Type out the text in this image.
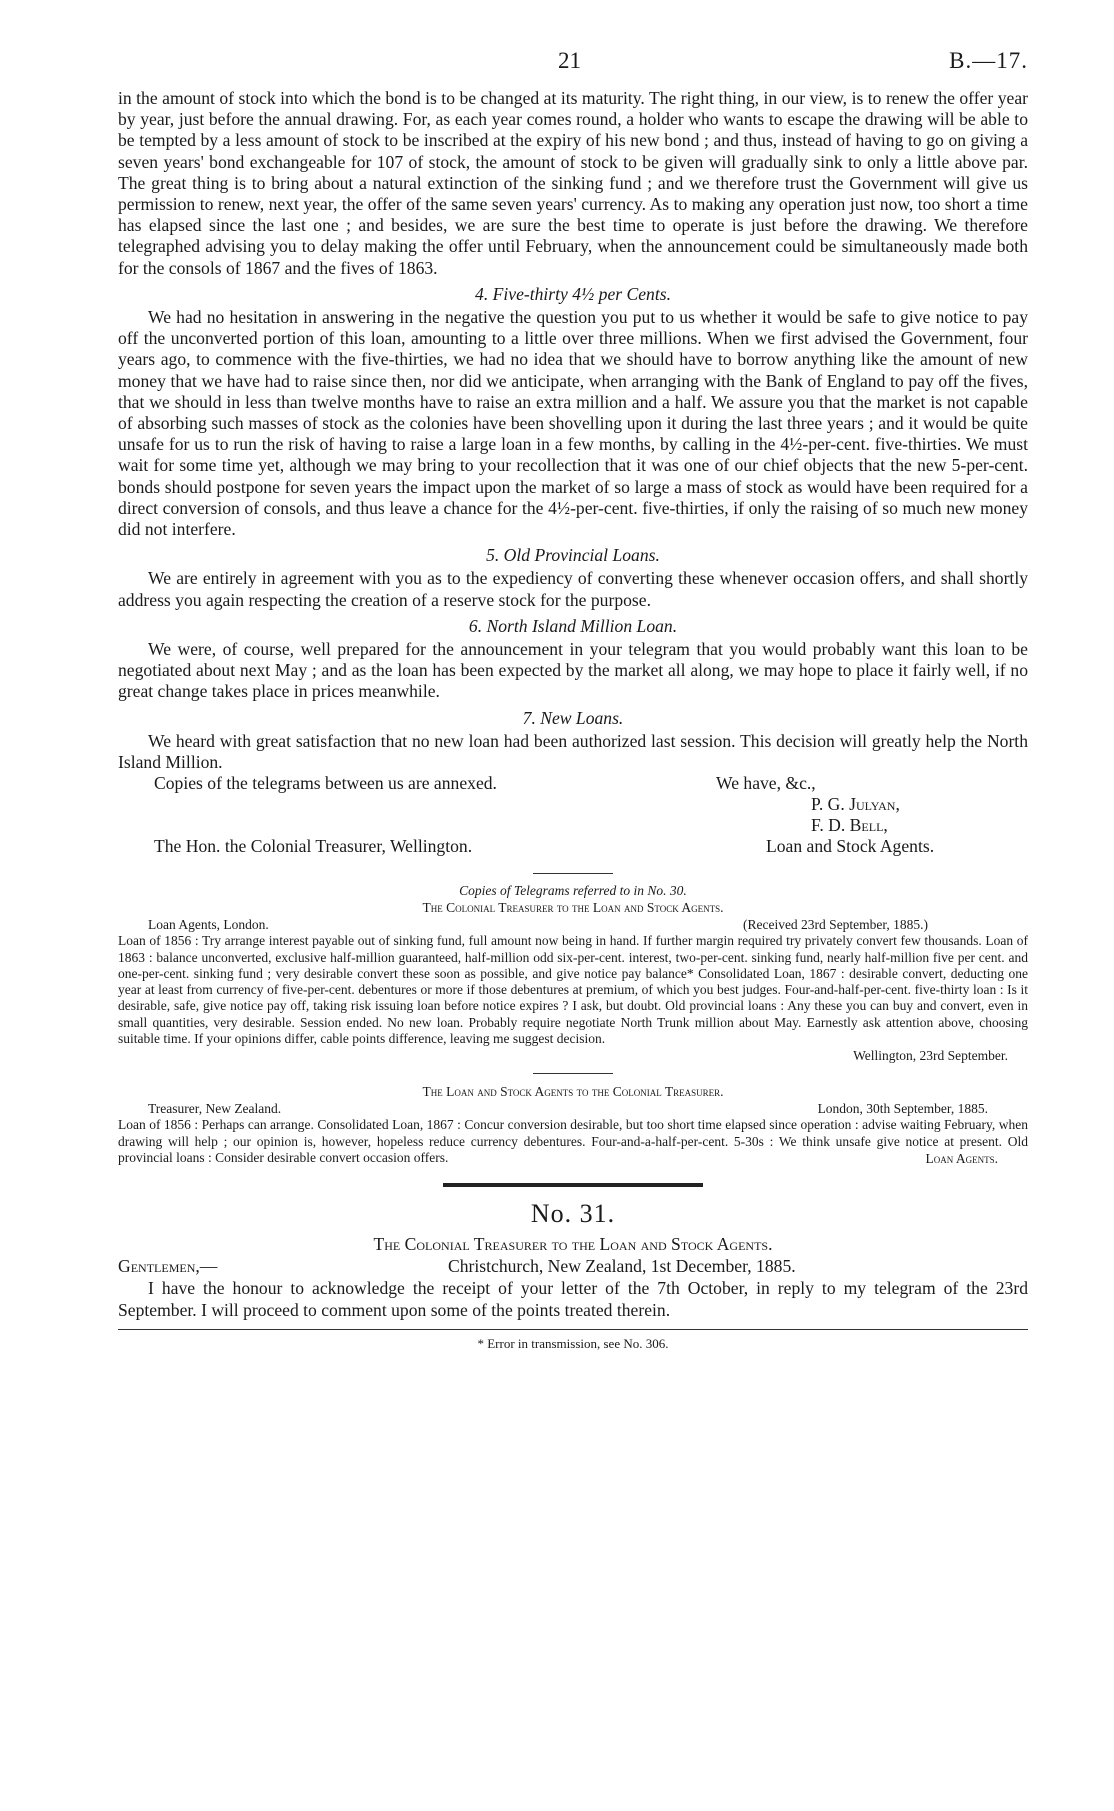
21	B.—17.

in the amount of stock into which the bond is to be changed at its maturity. The right thing, in our view, is to renew the offer year by year, just before the annual drawing. For, as each year comes round, a holder who wants to escape the drawing will be able to be tempted by a less amount of stock to be inscribed at the expiry of his new bond ; and thus, instead of having to go on giving a seven years' bond exchangeable for 107 of stock, the amount of stock to be given will gradually sink to only a little above par. The great thing is to bring about a natural extinction of the sinking fund ; and we therefore trust the Government will give us permission to renew, next year, the offer of the same seven years' currency. As to making any operation just now, too short a time has elapsed since the last one ; and besides, we are sure the best time to operate is just before the drawing. We therefore telegraphed advising you to delay making the offer until February, when the announcement could be simultaneously made both for the consols of 1867 and the fives of 1863.

4. Five-thirty 4½ per Cents.

We had no hesitation in answering in the negative the question you put to us whether it would be safe to give notice to pay off the unconverted portion of this loan, amounting to a little over three millions. When we first advised the Government, four years ago, to commence with the five-thirties, we had no idea that we should have to borrow anything like the amount of new money that we have had to raise since then, nor did we anticipate, when arranging with the Bank of England to pay off the fives, that we should in less than twelve months have to raise an extra million and a half. We assure you that the market is not capable of absorbing such masses of stock as the colonies have been shovelling upon it during the last three years ; and it would be quite unsafe for us to run the risk of having to raise a large loan in a few months, by calling in the 4½-per-cent. five-thirties. We must wait for some time yet, although we may bring to your recollection that it was one of our chief objects that the new 5-per-cent. bonds should postpone for seven years the impact upon the market of so large a mass of stock as would have been required for a direct conversion of consols, and thus leave a chance for the 4½-per-cent. five-thirties, if only the raising of so much new money did not interfere.

5. Old Provincial Loans.

We are entirely in agreement with you as to the expediency of converting these whenever occasion offers, and shall shortly address you again respecting the creation of a reserve stock for the purpose.

6. North Island Million Loan.

We were, of course, well prepared for the announcement in your telegram that you would probably want this loan to be negotiated about next May ; and as the loan has been expected by the market all along, we may hope to place it fairly well, if no great change takes place in prices meanwhile.

7. New Loans.

We heard with great satisfaction that no new loan had been authorized last session. This decision will greatly help the North Island Million.

Copies of the telegrams between us are annexed.	We have, &c.,
P. G. Julyan,
F. D. Bell,
The Hon. the Colonial Treasurer, Wellington.	Loan and Stock Agents.
Copies of Telegrams referred to in No. 30.
The Colonial Treasurer to the Loan and Stock Agents.
Loan Agents, London.	(Received 23rd September, 1885.)

Loan of 1856 : Try arrange interest payable out of sinking fund, full amount now being in hand. If further margin required try privately convert few thousands. Loan of 1863 : balance unconverted, exclusive half-million guaranteed, half-million odd six-per-cent. interest, two-per-cent. sinking fund, nearly half-million five per cent. and one-per-cent. sinking fund ; very desirable convert these soon as possible, and give notice pay balance* Consolidated Loan, 1867 : desirable convert, deducting one year at least from currency of five-per-cent. debentures or more if those debentures at premium, of which you best judges. Four-and-half-per-cent. five-thirty loan : Is it desirable, safe, give notice pay off, taking risk issuing loan before notice expires ? I ask, but doubt. Old provincial loans : Any these you can buy and convert, even in small quantities, very desirable. Session ended. No new loan. Probably require negotiate North Trunk million about May. Earnestly ask attention above, choosing suitable time. If your opinions differ, cable points difference, leaving me suggest decision.

Wellington, 23rd September.
The Loan and Stock Agents to the Colonial Treasurer.
Treasurer, New Zealand.	London, 30th September, 1885.

Loan of 1856 : Perhaps can arrange. Consolidated Loan, 1867 : Concur conversion desirable, but too short time elapsed since operation : advise waiting February, when drawing will help ; our opinion is, however, hopeless reduce currency debentures. Four-and-a-half-per-cent. 5-30s : We think unsafe give notice at present. Old provincial loans : Consider desirable convert occasion offers.	Loan Agents.
No. 31.
The Colonial Treasurer to the Loan and Stock Agents.
Gentlemen,—	Christchurch, New Zealand, 1st December, 1885.

I have the honour to acknowledge the receipt of your letter of the 7th October, in reply to my telegram of the 23rd September. I will proceed to comment upon some of the points treated therein.

* Error in transmission, see No. 306.
